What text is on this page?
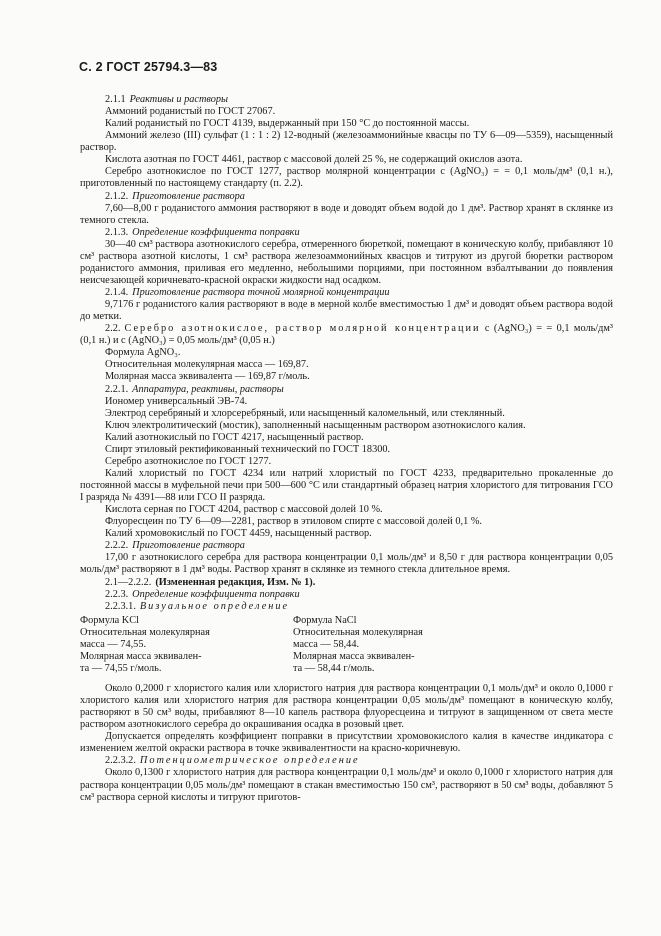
С. 2 ГОСТ 25794.3—83

2.1.1 Реактивы и растворы

Аммоний роданистый по ГОСТ 27067.

Калий роданистый по ГОСТ 4139, выдержанный при 150 °С до постоянной массы.

Аммоний железо (III) сульфат (1 : 1 : 2) 12-водный (железоаммонийные квасцы по ТУ 6—09—5359), насыщенный раствор.

Кислота азотная по ГОСТ 4461, раствор с массовой долей 25 %, не содержащий окислов азота.

Серебро азотнокислое по ГОСТ 1277, раствор молярной концентрации c (AgNO₃) = = 0,1 моль/дм³ (0,1 н.), приготовленный по настоящему стандарту (п. 2.2).

2.1.2. Приготовление раствора

7,60—8,00 г роданистого аммония растворяют в воде и доводят объем водой до 1 дм³. Раствор хранят в склянке из темного стекла.

2.1.3. Определение коэффициента поправки

30—40 см³ раствора азотнокислого серебра, отмеренного бюреткой, помещают в коническую колбу, прибавляют 10 см³ раствора азотной кислоты, 1 см³ раствора железоаммонийных квасцов и титруют из другой бюретки раствором роданистого аммония, приливая его медленно, небольшими порциями, при постоянном взбалтывании до появления неисчезающей коричневато-красной окраски жидкости над осадком.

2.1.4. Приготовление раствора точной молярной концентрации

9,7176 г роданистого калия растворяют в воде в мерной колбе вместимостью 1 дм³ и доводят объем раствора водой до метки.

2.2. Серебро азотнокислое, раствор молярной концентрации c (AgNO₃) = = 0,1 моль/дм³ (0,1 н.) и c (AgNO₃) = 0,05 моль/дм³ (0,05 н.)

Формула AgNO₃.

Относительная молекулярная масса — 169,87.

Молярная масса эквивалента — 169,87 г/моль.

2.2.1. Аппаратура, реактивы, растворы

Иономер универсальный ЭВ-74.

Электрод серебряный и хлорсеребряный, или насыщенный каломельный, или стеклянный.

Ключ электролитический (мостик), заполненный насыщенным раствором азотнокислого калия.

Калий азотнокислый по ГОСТ 4217, насыщенный раствор.

Спирт этиловый ректификованный технический по ГОСТ 18300.

Серебро азотнокислое по ГОСТ 1277.

Калий хлористый по ГОСТ 4234 или натрий хлористый по ГОСТ 4233, предварительно прокаленные до постоянной массы в муфельной печи при 500—600 °С или стандартный образец натрия хлористого для титрования ГСО I разряда № 4391—88 или ГСО II разряда.

Кислота серная по ГОСТ 4204, раствор с массовой долей 10 %.

Флуоресцеин по ТУ 6—09—2281, раствор в этиловом спирте с массовой долей 0,1 %.

Калий хромовокислый по ГОСТ 4459, насыщенный раствор.

2.2.2. Приготовление раствора

17,00 г азотнокислого серебра для раствора концентрации 0,1 моль/дм³ и 8,50 г для раствора концентрации 0,05 моль/дм³ растворяют в 1 дм³ воды. Раствор хранят в склянке из темного стекла длительное время.

2.1—2.2.2. (Измененная редакция, Изм. № 1).

2.2.3. Определение коэффициента поправки

2.2.3.1. Визуальное определение

Формула KCl
Относительная молекулярная
масса — 74,55.
Молярная масса эквивален-
та — 74,55 г/моль.
Формула NaCl
Относительная молекулярная
масса — 58,44.
Молярная масса эквивален-
та — 58,44 г/моль.

Около 0,2000 г хлористого калия или хлористого натрия для раствора концентрации 0,1 моль/дм³ и около 0,1000 г хлористого калия или хлористого натрия для раствора концентрации 0,05 моль/дм³ помещают в коническую колбу, растворяют в 50 см³ воды, прибавляют 8—10 капель раствора флуоресцеина и титруют в защищенном от света месте раствором азотнокислого серебра до окрашивания осадка в розовый цвет.

Допускается определять коэффициент поправки в присутствии хромовокислого калия в качестве индикатора с изменением желтой окраски раствора в точке эквивалентности на красно-коричневую.

2.2.3.2. Потенциометрическое определение

Около 0,1300 г хлористого натрия для раствора концентрации 0,1 моль/дм³ и около 0,1000 г хлористого натрия для раствора концентрации 0,05 моль/дм³ помещают в стакан вместимостью 150 см³, растворяют в 50 см³ воды, добавляют 5 см³ раствора серной кислоты и титруют приготов-
